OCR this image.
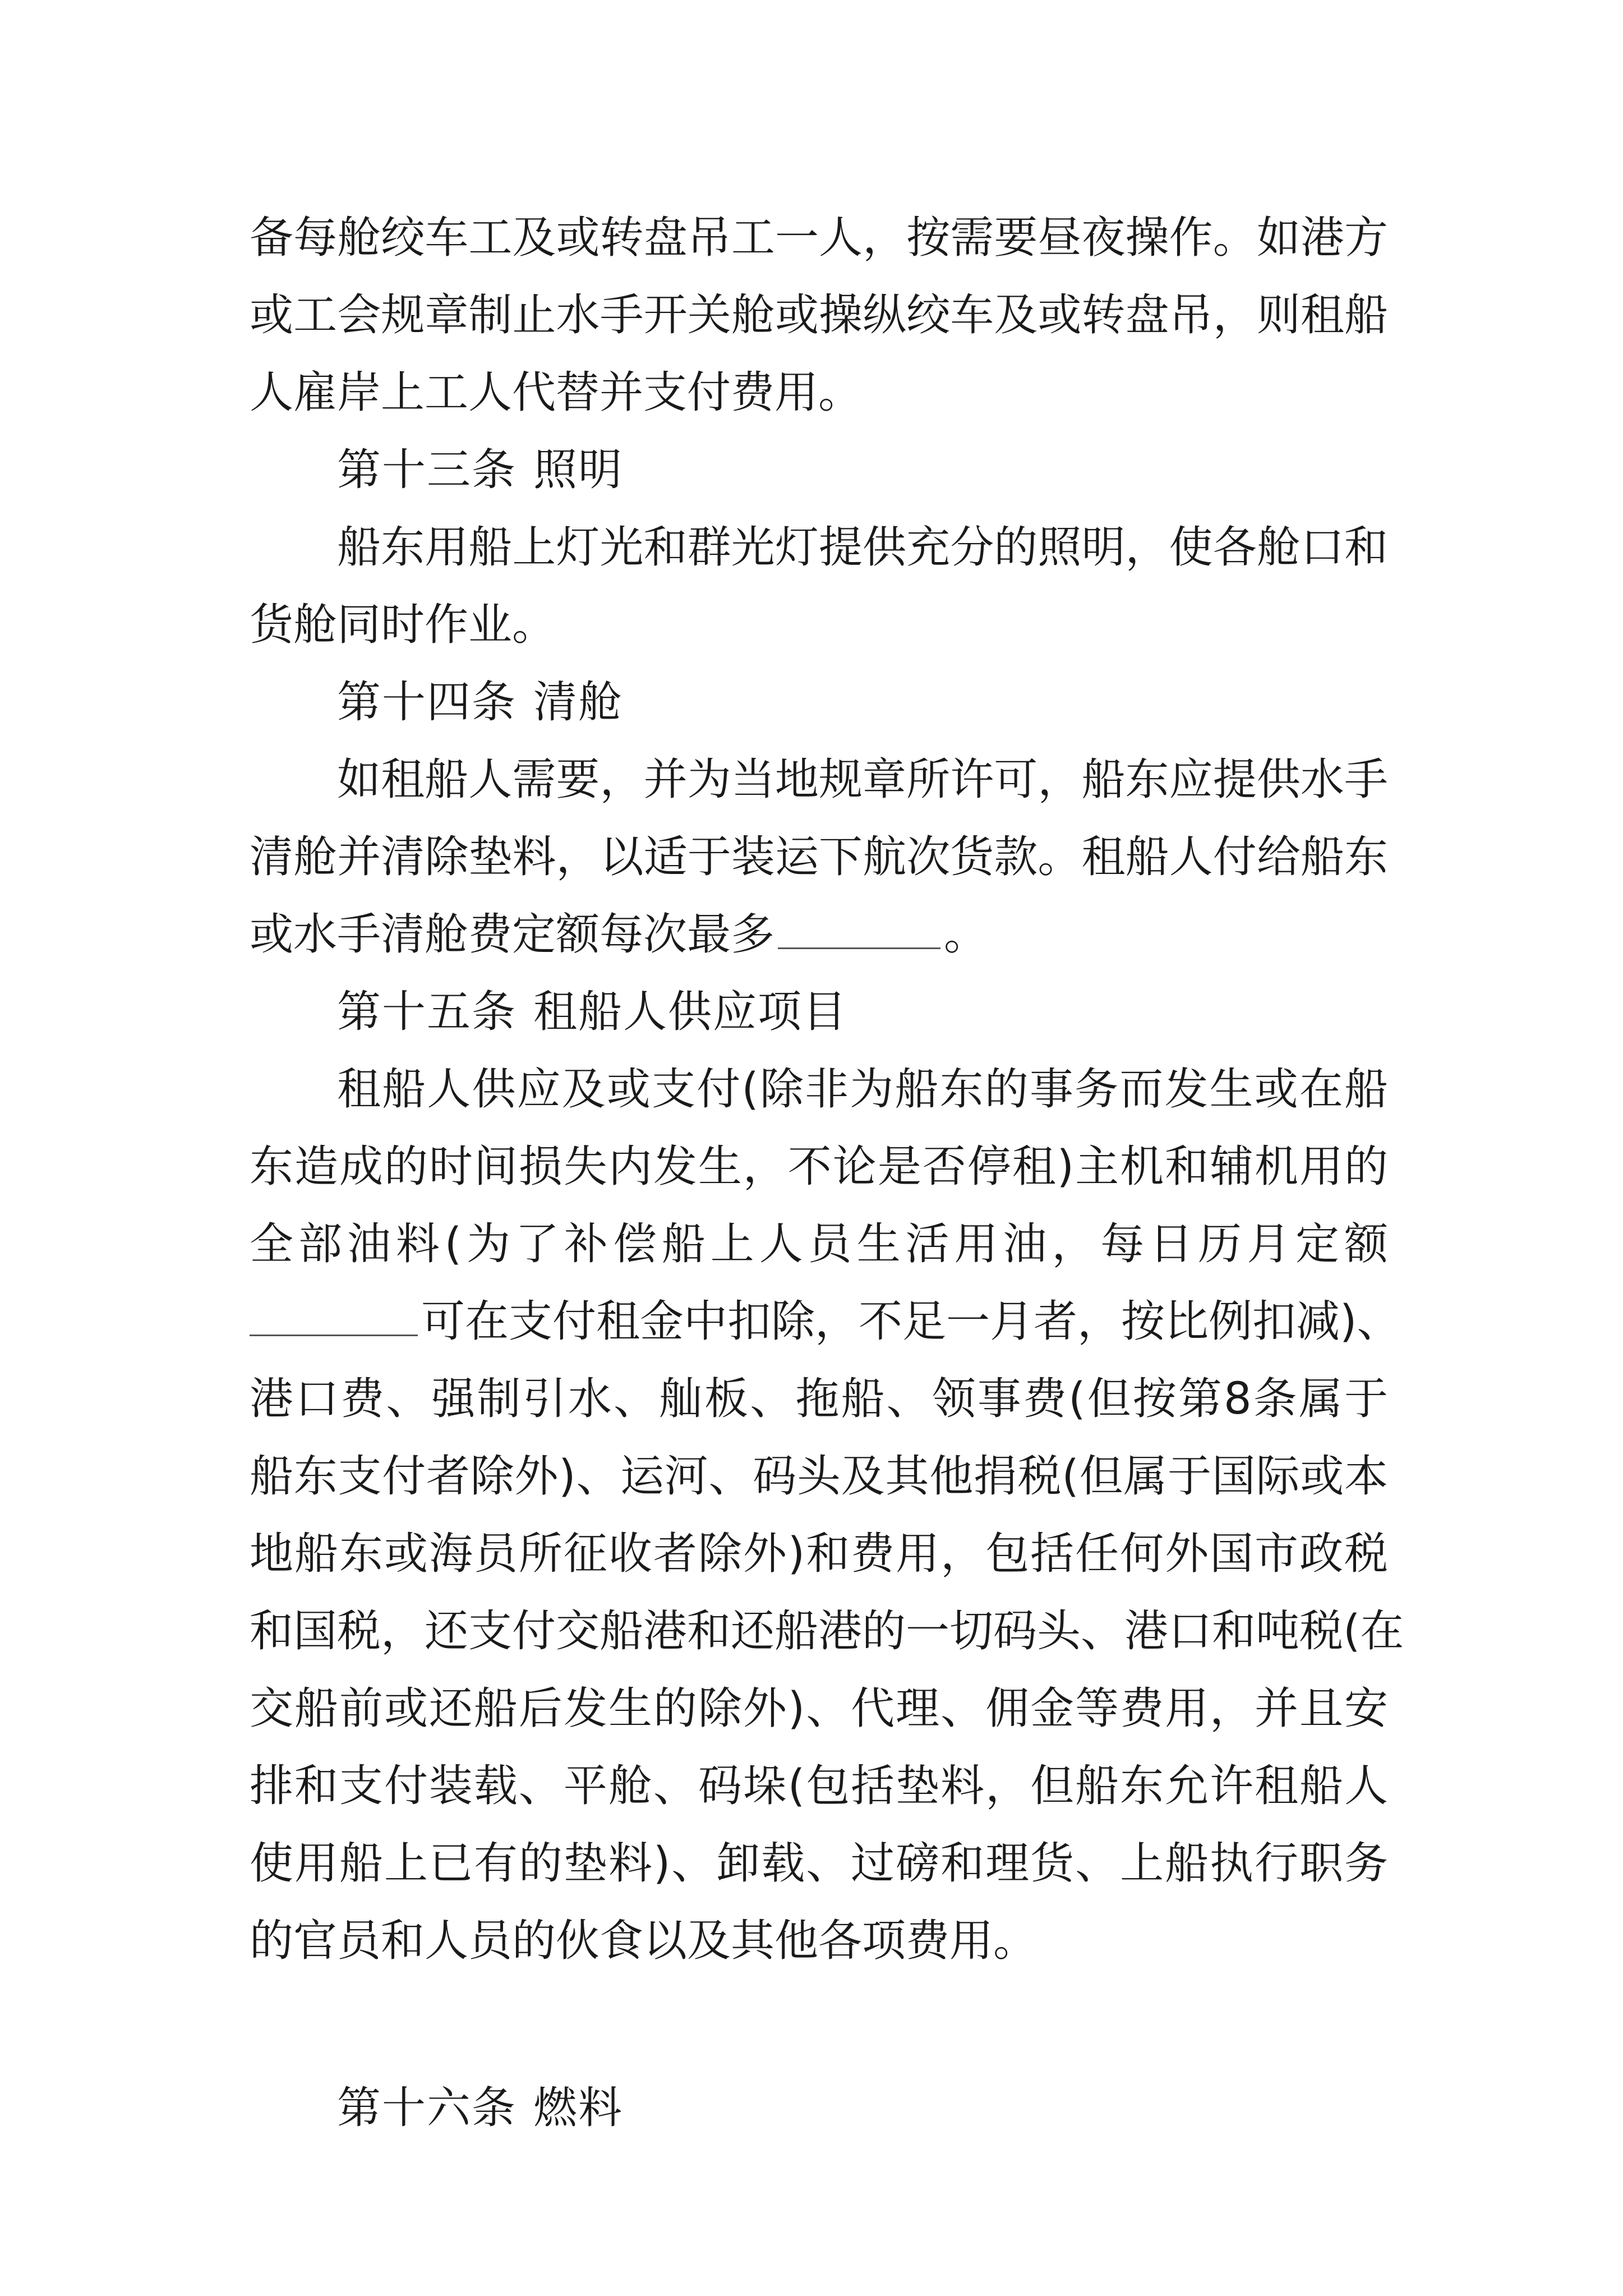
备每舱绞车工及或转盘吊工一人，按需要昼夜操作。如港方
或工会规章制止水手开关舱或操纵绞车及或转盘吊，则租船
人雇岸上工人代替并支付费用。
第十三条 照明
船东用船上灯光和群光灯提供充分的照明，使各舱口和
货舱同时作业。
第十四条 清舱
如租船人需要，并为当地规章所许可，船东应提供水手
清舱并清除垫料，以适于装运下航次货款。租船人付给船东
或水手清舱费定额每次最多	。
第十五条 租船人供应项目
租船人供应及或支付(除非为船东的事务而发生或在船
东造成的时间损失内发生，不论是否停租)主机和辅机用的
全部油料(为了补偿船上人员生活用油，每日历月定额
可在支付租金中扣除，不足一月者，按比例扣减)、
港口费、强制引水、舢板、拖船、领事费(但按第8条属于
船东支付者除外)、运河、码头及其他捐税(但属于国际或本
地船东或海员所征收者除外)和费用，包括任何外国市政税
和国税，还支付交船港和还船港的一切码头、港口和吨税(在
交船前或还船后发生的除外)、代理、佣金等费用，并且安
排和支付装载、平舱、码垛(包括垫料，但船东允许租船人
使用船上已有的垫料)、卸载、过磅和理货、上船执行职务
的官员和人员的伙食以及其他各项费用。
第十六条 燃料
